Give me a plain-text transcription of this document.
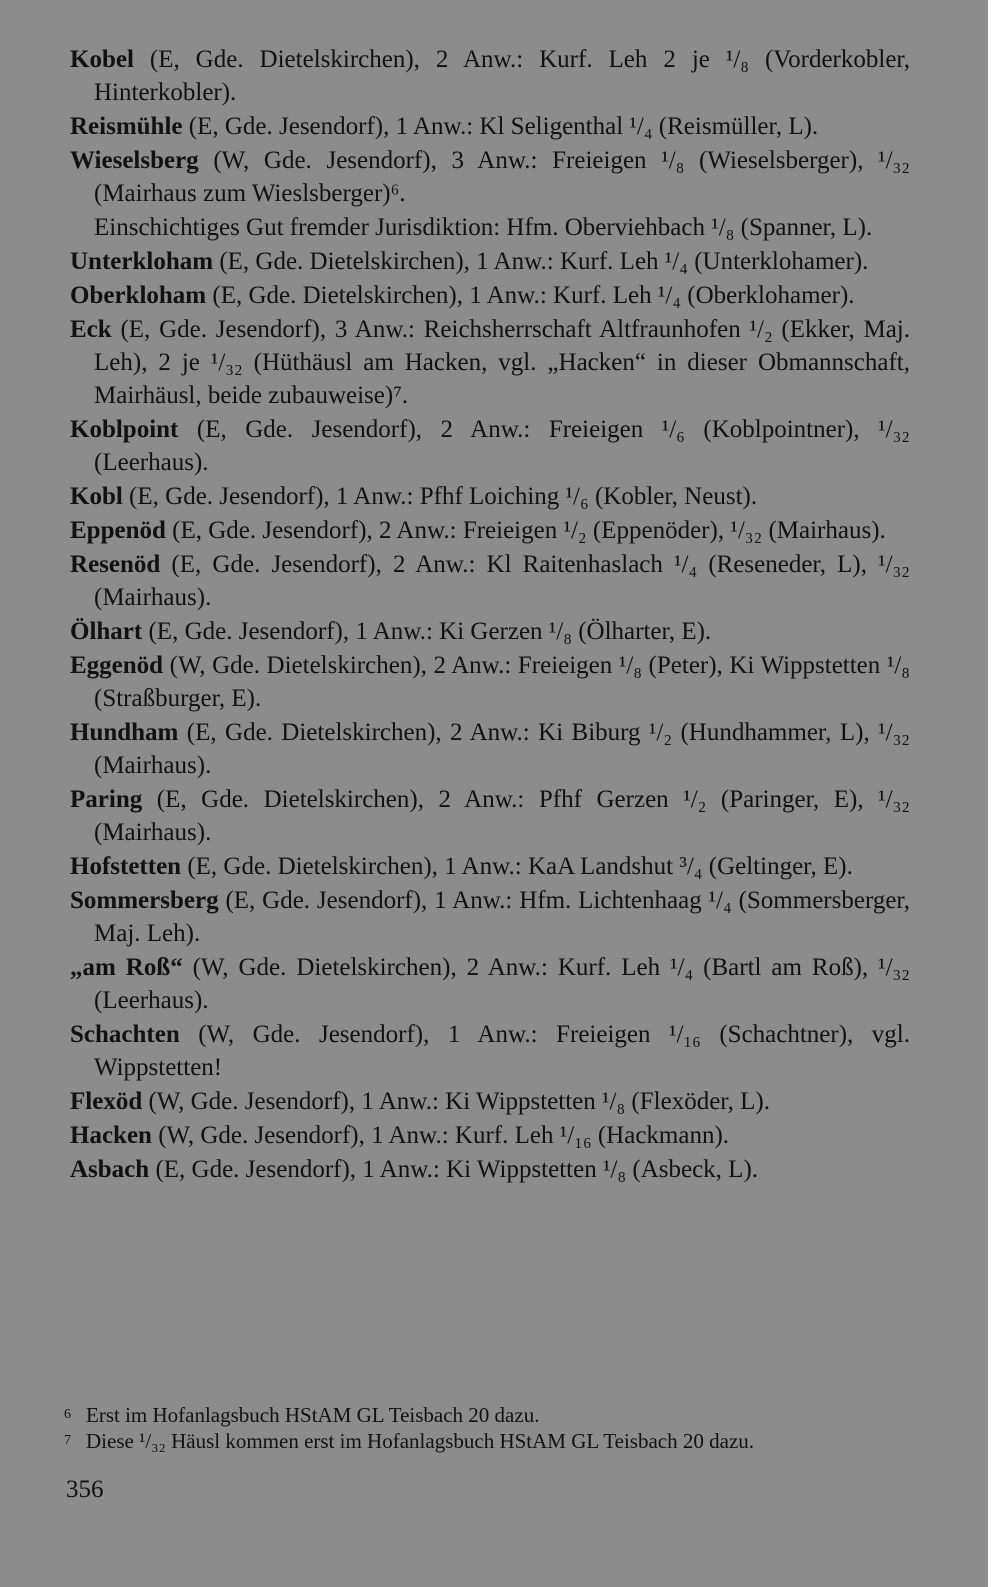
Kobel (E, Gde. Dietelskirchen), 2 Anw.: Kurf. Leh 2 je ¹/₈ (Vorderkobler, Hinterkobler).

Reismühle (E, Gde. Jesendorf), 1 Anw.: Kl Seligenthal ¹/₄ (Reismüller, L).

Wieselsberg (W, Gde. Jesendorf), 3 Anw.: Freieigen ¹/₈ (Wieselsberger), ¹/₃₂ (Mairhaus zum Wieslsberger)⁶.

Einschichtiges Gut fremder Jurisdiktion: Hfm. Oberviehbach ¹/₈ (Spanner, L).

Unterkloham (E, Gde. Dietelskirchen), 1 Anw.: Kurf. Leh ¹/₄ (Unterklohamer).

Oberkloham (E, Gde. Dietelskirchen), 1 Anw.: Kurf. Leh ¹/₄ (Oberklohamer).

Eck (E, Gde. Jesendorf), 3 Anw.: Reichsherrschaft Altfraunhofen ¹/₂ (Ekker, Maj. Leh), 2 je ¹/₃₂ (Hüthäusl am Hacken, vgl. „Hacken“ in dieser Obmannschaft, Mairhäusl, beide zubauweise)⁷.

Koblpoint (E, Gde. Jesendorf), 2 Anw.: Freieigen ¹/₆ (Koblpointner), ¹/₃₂ (Leerhaus).

Kobl (E, Gde. Jesendorf), 1 Anw.: Pfhf Loiching ¹/₆ (Kobler, Neust).

Eppenöd (E, Gde. Jesendorf), 2 Anw.: Freieigen ¹/₂ (Eppenöder), ¹/₃₂ (Mairhaus).

Resenöd (E, Gde. Jesendorf), 2 Anw.: Kl Raitenhaslach ¹/₄ (Reseneder, L), ¹/₃₂ (Mairhaus).

Ölhart (E, Gde. Jesendorf), 1 Anw.: Ki Gerzen ¹/₈ (Ölharter, E).

Eggenöd (W, Gde. Dietelskirchen), 2 Anw.: Freieigen ¹/₈ (Peter), Ki Wippstetten ¹/₈ (Straßburger, E).

Hundham (E, Gde. Dietelskirchen), 2 Anw.: Ki Biburg ¹/₂ (Hundhammer, L), ¹/₃₂ (Mairhaus).

Paring (E, Gde. Dietelskirchen), 2 Anw.: Pfhf Gerzen ¹/₂ (Paringer, E), ¹/₃₂ (Mairhaus).

Hofstetten (E, Gde. Dietelskirchen), 1 Anw.: KaA Landshut ³/₄ (Geltinger, E).

Sommersberg (E, Gde. Jesendorf), 1 Anw.: Hfm. Lichtenhaag ¹/₄ (Sommersberger, Maj. Leh).

„am Roß“ (W, Gde. Dietelskirchen), 2 Anw.: Kurf. Leh ¹/₄ (Bartl am Roß), ¹/₃₂ (Leerhaus).

Schachten (W, Gde. Jesendorf), 1 Anw.: Freieigen ¹/₁₆ (Schachtner), vgl. Wippstetten!

Flexöd (W, Gde. Jesendorf), 1 Anw.: Ki Wippstetten ¹/₈ (Flexöder, L).

Hacken (W, Gde. Jesendorf), 1 Anw.: Kurf. Leh ¹/₁₆ (Hackmann).

Asbach (E, Gde. Jesendorf), 1 Anw.: Ki Wippstetten ¹/₈ (Asbeck, L).

6 Erst im Hofanlagsbuch HStAM GL Teisbach 20 dazu.
7 Diese ¹/₃₂ Häusl kommen erst im Hofanlagsbuch HStAM GL Teisbach 20 dazu.
356
